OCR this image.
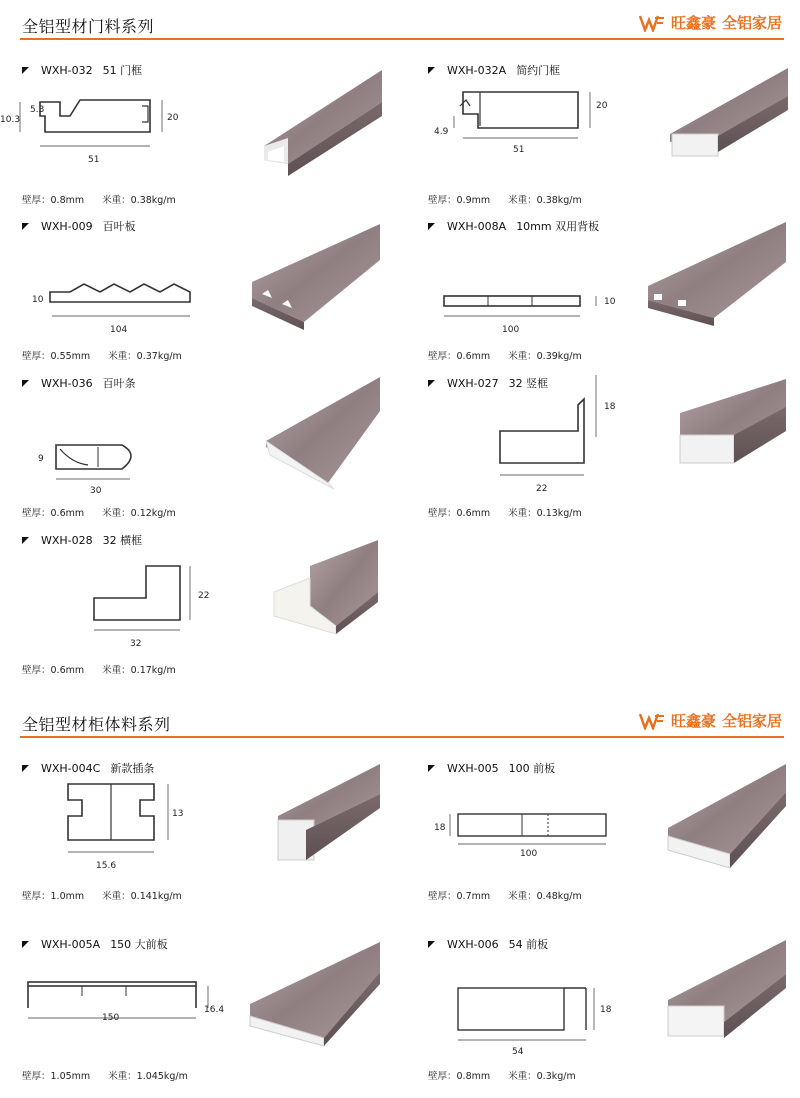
全铝型材门料系列	旺鑫豪 全铝家居
全铝型材柜体料系列	旺鑫豪 全铝家居
WXH-032 51 门框
51
20
10.3
5.3
壁厚：0.8mm 米重：0.38kg/m
WXH-032A 简约门框
51
20
4.9
壁厚：0.9mm 米重：0.38kg/m
WXH-009 百叶板
104
10
壁厚：0.55mm 米重：0.37kg/m
WXH-008A 10mm 双用背板
100
10
壁厚：0.6mm 米重：0.39kg/m
WXH-036 百叶条
30
9
壁厚：0.6mm 米重：0.12kg/m
WXH-027 32 竖框
22
18
壁厚：0.6mm 米重：0.13kg/m
WXH-028 32 横框
32
22
壁厚：0.6mm 米重：0.17kg/m
WXH-004C 新款插条
15.6
13
壁厚：1.0mm 米重：0.141kg/m
WXH-005 100 前板
100
18
壁厚：0.7mm 米重：0.48kg/m
WXH-005A 150 大前板
150
16.4
壁厚：1.05mm 米重：1.045kg/m
WXH-006 54 前板
54
18
壁厚：0.8mm 米重：0.3kg/m
